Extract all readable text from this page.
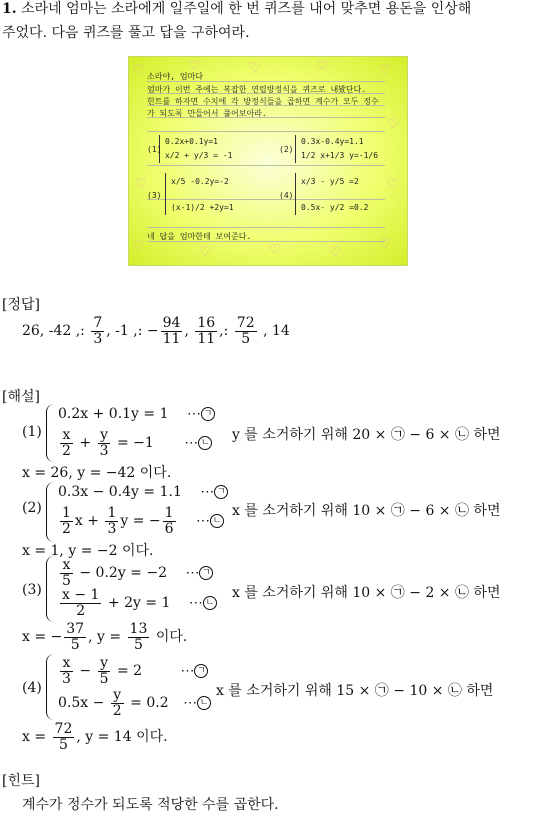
1. 소라네 엄마는 소라에게 일주일에 한 번 퀴즈를 내어 맞추면 용돈을 인상해
주었다. 다음 퀴즈를 풀고 답을 구하여라.
♡	♡	♡	♡	♡
♡
♡
♡
♡
♡	♡	♡	♡
소라야, 엄마다
엄마가 이번 주에는 복잡한 연립방정식을 퀴즈로 내봤단다.
힌트를 하자면 수치에 각 방정식들을 곱하면 계수가 모두 정수
가 되도록 만들어서 풀어보아라.
(1)
0.2x+0.1y=1
x/2 + y/3 = -1
(2)
0.3x-0.4y=1.1
1/2 x+1/3 y=-1/6
(3)
x/5 -0.2y=-2
(x-1)/2 +2y=1
(4)
x/3 - y/5 =2
0.5x- y/2 =0.2
네 답을 엄마한테 보여준다.
[정답]
26, -42 ,: $\frac{7}{3}$ , -1 ,: − $\frac{94}{11}$ , $\frac{16}{11}$ ,: $\frac{72}{5}$ , 14
[해설]
(1)
0.2x + 0.1y = 1 ⋯ ㄱ
$\frac{x}{2} + \frac{y}{3} = -1$ ⋯ ㄴ
y 를 소거하기 위해 20 × ㉠ − 6 × ㉡ 하면
x = 26, y = −42 이다.
(2)
0.3x − 0.4y = 1.1 ⋯ ㄱ
$\frac{1}{2}$ $x + \frac{1}{3}$ y = − $\frac{1}{6}$ ⋯ ㄴ
x 를 소거하기 위해 10 × ㉠ − 6 × ㉡ 하면
x = 1, y = −2 이다.
(3)
$\frac{x}{5} - 0.2y = -2$ ⋯ ㄱ
$\frac{x - 1}{2} + 2y = 1$ ⋯ ㄴ
x 를 소거하기 위해 10 × ㉠ − 2 × ㉡ 하면
x = − $\frac{37}{5}$ , $y = \frac{13}{5}$ 이다.
(4)
$\frac{x}{3} - \frac{y}{5} = 2$	⋯ ㄱ
$0.5x - \frac{y}{2} = 0.2$ ⋯ ㄴ
x 를 소거하기 위해 15 × ㉠ − 10 × ㉡ 하면
$x = \frac{72}{5}$ , y = 14 이다.
[힌트]
계수가 정수가 되도록 적당한 수를 곱한다.
